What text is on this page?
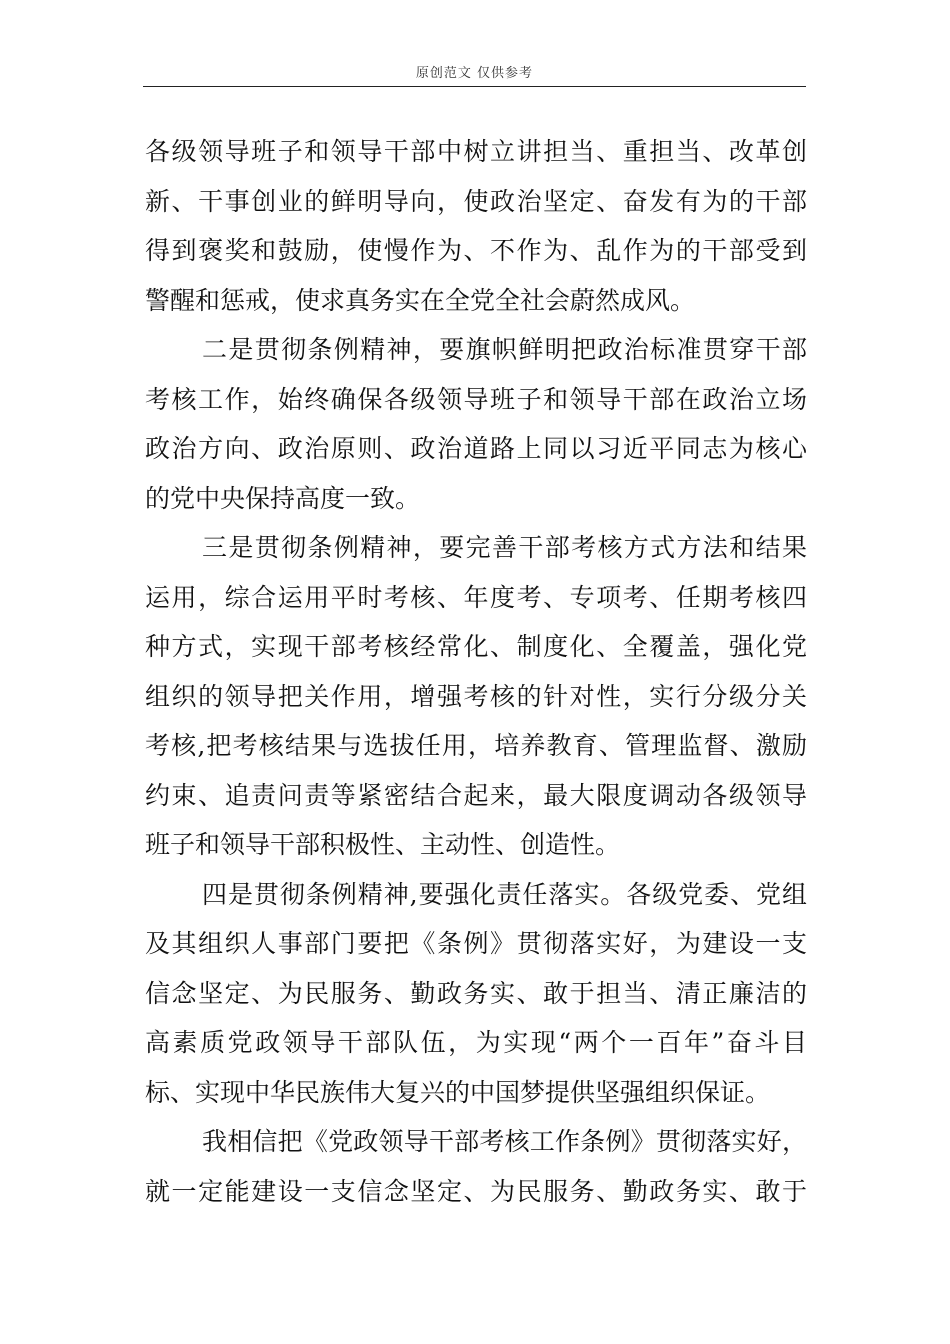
原创范文 仅供参考
各级领导班子和领导干部中树立讲担当、重担当、改革创
新、干事创业的鲜明导向，使政治坚定、奋发有为的干部
得到褒奖和鼓励，使慢作为、不作为、乱作为的干部受到
警醒和惩戒，使求真务实在全党全社会蔚然成风。
二是贯彻条例精神，要旗帜鲜明把政治标准贯穿干部
考核工作，始终确保各级领导班子和领导干部在政治立场
政治方向、政治原则、政治道路上同以习近平同志为核心
的党中央保持高度一致。
三是贯彻条例精神，要完善干部考核方式方法和结果
运用，综合运用平时考核、年度考、专项考、任期考核四
种方式，实现干部考核经常化、制度化、全覆盖，强化党
组织的领导把关作用，增强考核的针对性，实行分级分关
考核,把考核结果与选拔任用，培养教育、管理监督、激励
约束、追责问责等紧密结合起来，最大限度调动各级领导
班子和领导干部积极性、主动性、创造性。
四是贯彻条例精神,要强化责任落实。各级党委、党组
及其组织人事部门要把《条例》贯彻落实好，为建设一支
信念坚定、为民服务、勤政务实、敢于担当、清正廉洁的
高素质党政领导干部队伍，为实现“两个一百年”奋斗目
标、实现中华民族伟大复兴的中国梦提供坚强组织保证。
我相信把《党政领导干部考核工作条例》贯彻落实好，
就一定能建设一支信念坚定、为民服务、勤政务实、敢于
